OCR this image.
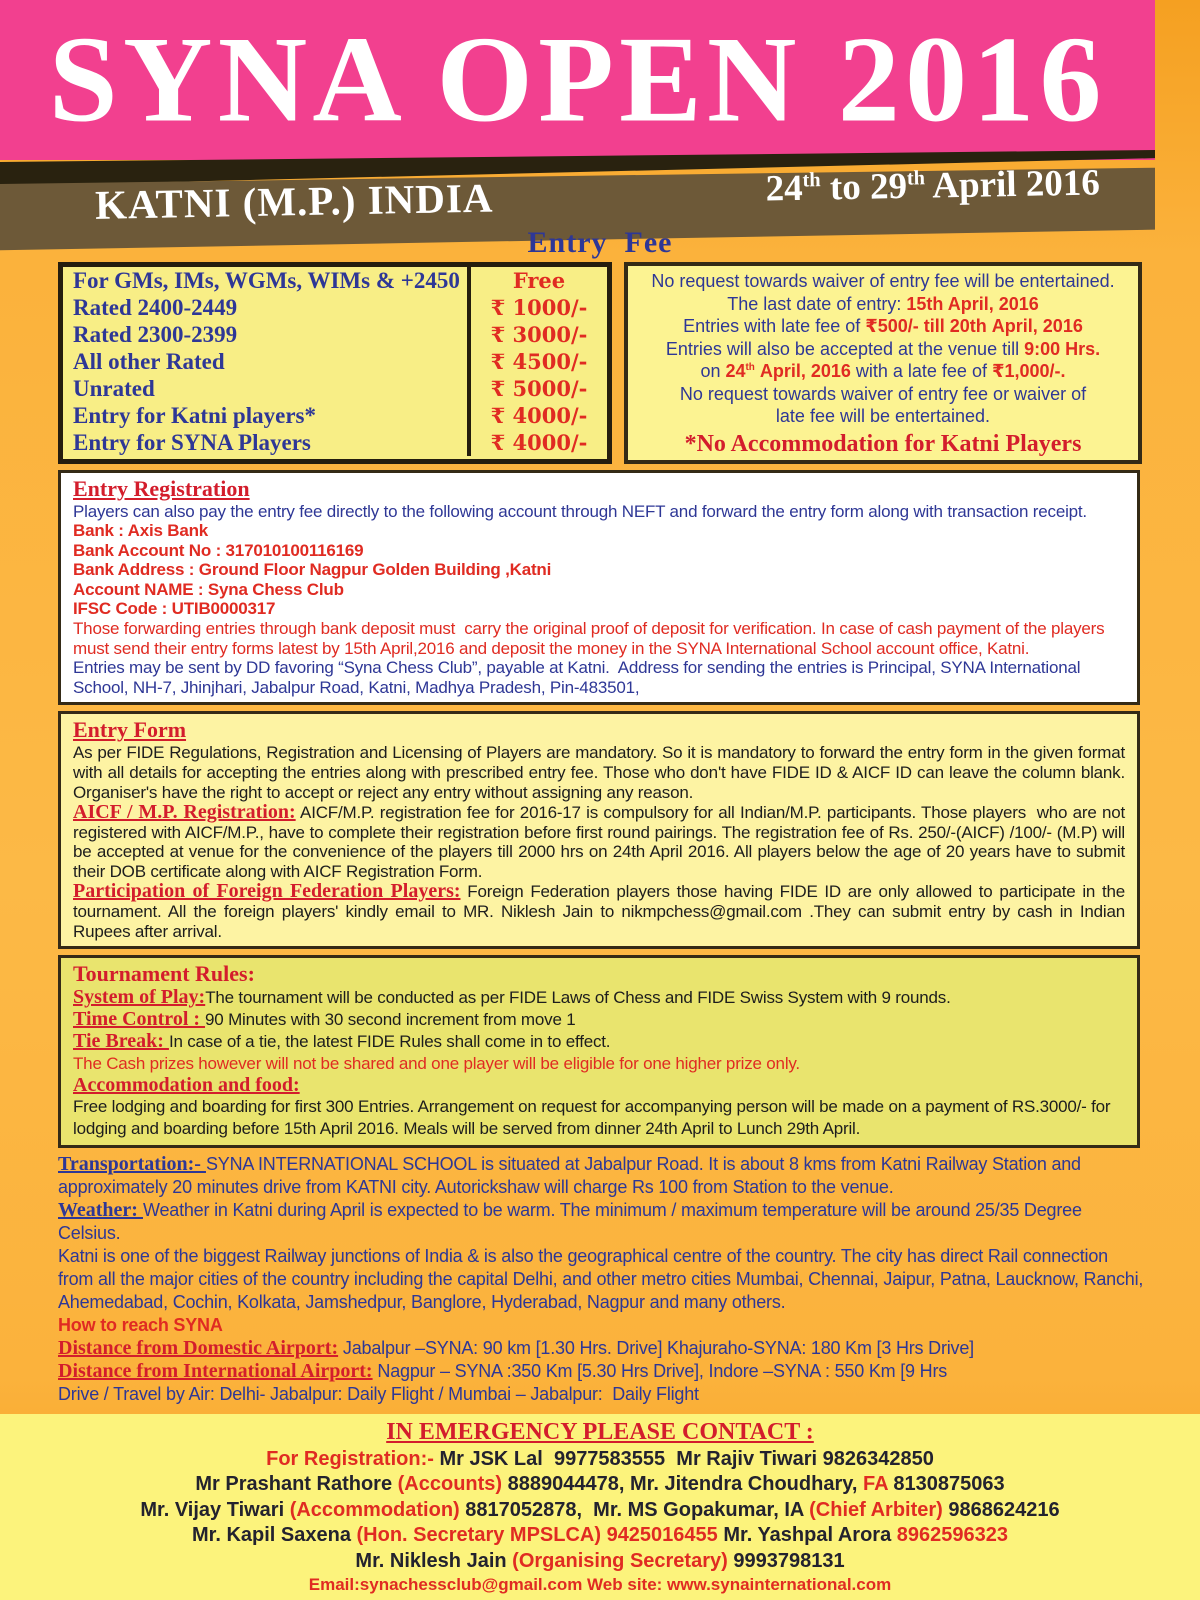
SYNA OPEN 2016
KATNI (M.P.) INDIA	24th to 29th April 2016
Entry  Fee
For GMs, IMs, WGMs, WIMs & +2450	Free
Rated 2400-2449	₹ 1000/-
Rated 2300-2399	₹ 3000/-
All other Rated	₹ 4500/-
Unrated	₹ 5000/-
Entry for Katni players*	₹ 4000/-
Entry for SYNA Players	₹ 4000/-
No request towards waiver of entry fee will be entertained.
The last date of entry: 15th April, 2016
Entries with late fee of ₹500/- till 20th April, 2016
Entries will also be accepted at the venue till 9:00 Hrs.
on 24th April, 2016 with a late fee of ₹1,000/-.
No request towards waiver of entry fee or waiver of
late fee will be entertained.
*No Accommodation for Katni Players
Entry Registration

Players can also pay the entry fee directly to the following account through NEFT and forward the entry form along with transaction receipt.

Bank : Axis Bank

Bank Account No : 317010100116169

Bank Address : Ground Floor Nagpur Golden Building ,Katni

Account NAME : Syna Chess Club

IFSC Code : UTIB0000317

Those forwarding entries through bank deposit must  carry the original proof of deposit for verification. In case of cash payment of the players must send their entry forms latest by 15th April,2016 and deposit the money in the SYNA International School account office, Katni.

Entries may be sent by DD favoring “Syna Chess Club”, payable at Katni.  Address for sending the entries is Principal, SYNA International School, NH-7, Jhinjhari, Jabalpur Road, Katni, Madhya Pradesh, Pin-483501,

Entry Form

As per FIDE Regulations, Registration and Licensing of Players are mandatory. So it is mandatory to forward the entry form in the given format with all details for accepting the entries along with prescribed entry fee. Those who don't have FIDE ID & AICF ID can leave the column blank. Organiser's have the right to accept or reject any entry without assigning any reason.

AICF / M.P. Registration: AICF/M.P. registration fee for 2016-17 is compulsory for all Indian/M.P. participants. Those players  who are not registered with AICF/M.P., have to complete their registration before first round pairings. The registration fee of Rs. 250/-(AICF) /100/- (M.P) will be accepted at venue for the convenience of the players till 2000 hrs on 24th April 2016. All players below the age of 20 years have to submit their DOB certificate along with AICF Registration Form.

Participation of Foreign Federation Players: Foreign Federation players those having FIDE ID are only allowed to participate in the tournament. All the foreign players' kindly email to MR. Niklesh Jain to nikmpchess@gmail.com .They can submit entry by cash in Indian Rupees after arrival.

Tournament Rules:
System of Play:The tournament will be conducted as per FIDE Laws of Chess and FIDE Swiss System with 9 rounds.
Time Control : 90 Minutes with 30 second increment from move 1
Tie Break: In case of a tie, the latest FIDE Rules shall come in to effect.
The Cash prizes however will not be shared and one player will be eligible for one higher prize only.
Accommodation and food:
Free lodging and boarding for first 300 Entries. Arrangement on request for accompanying person will be made on a payment of RS.3000/- for lodging and boarding before 15th April 2016. Meals will be served from dinner 24th April to Lunch 29th April.
Transportation:- SYNA INTERNATIONAL SCHOOL is situated at Jabalpur Road. It is about 8 kms from Katni Railway Station and approximately 20 minutes drive from KATNI city. Autorickshaw will charge Rs 100 from Station to the venue.
Weather: Weather in Katni during April is expected to be warm. The minimum / maximum temperature will be around 25/35 Degree Celsius.
Katni is one of the biggest Railway junctions of India & is also the geographical centre of the country. The city has direct Rail connection from all the major cities of the country including the capital Delhi, and other metro cities Mumbai, Chennai, Jaipur, Patna, Laucknow, Ranchi, Ahemedabad, Cochin, Kolkata, Jamshedpur, Banglore, Hyderabad, Nagpur and many others.
How to reach SYNA
Distance from Domestic Airport: Jabalpur –SYNA: 90 km [1.30 Hrs. Drive] Khajuraho-SYNA: 180 Km [3 Hrs Drive]
Distance from International Airport: Nagpur – SYNA :350 Km [5.30 Hrs Drive], Indore –SYNA : 550 Km [9 Hrs
Drive / Travel by Air: Delhi- Jabalpur: Daily Flight / Mumbai – Jabalpur:  Daily Flight
IN EMERGENCY PLEASE CONTACT :
For Registration:- Mr JSK Lal  9977583555  Mr Rajiv Tiwari 9826342850
Mr Prashant Rathore (Accounts) 8889044478, Mr. Jitendra Choudhary, FA 8130875063
Mr. Vijay Tiwari (Accommodation) 8817052878,  Mr. MS Gopakumar, IA (Chief Arbiter) 9868624216
Mr. Kapil Saxena (Hon. Secretary MPSLCA) 9425016455 Mr. Yashpal Arora 8962596323
Mr. Niklesh Jain (Organising Secretary) 9993798131
Email:synachessclub@gmail.com Web site: www.synainternational.com
